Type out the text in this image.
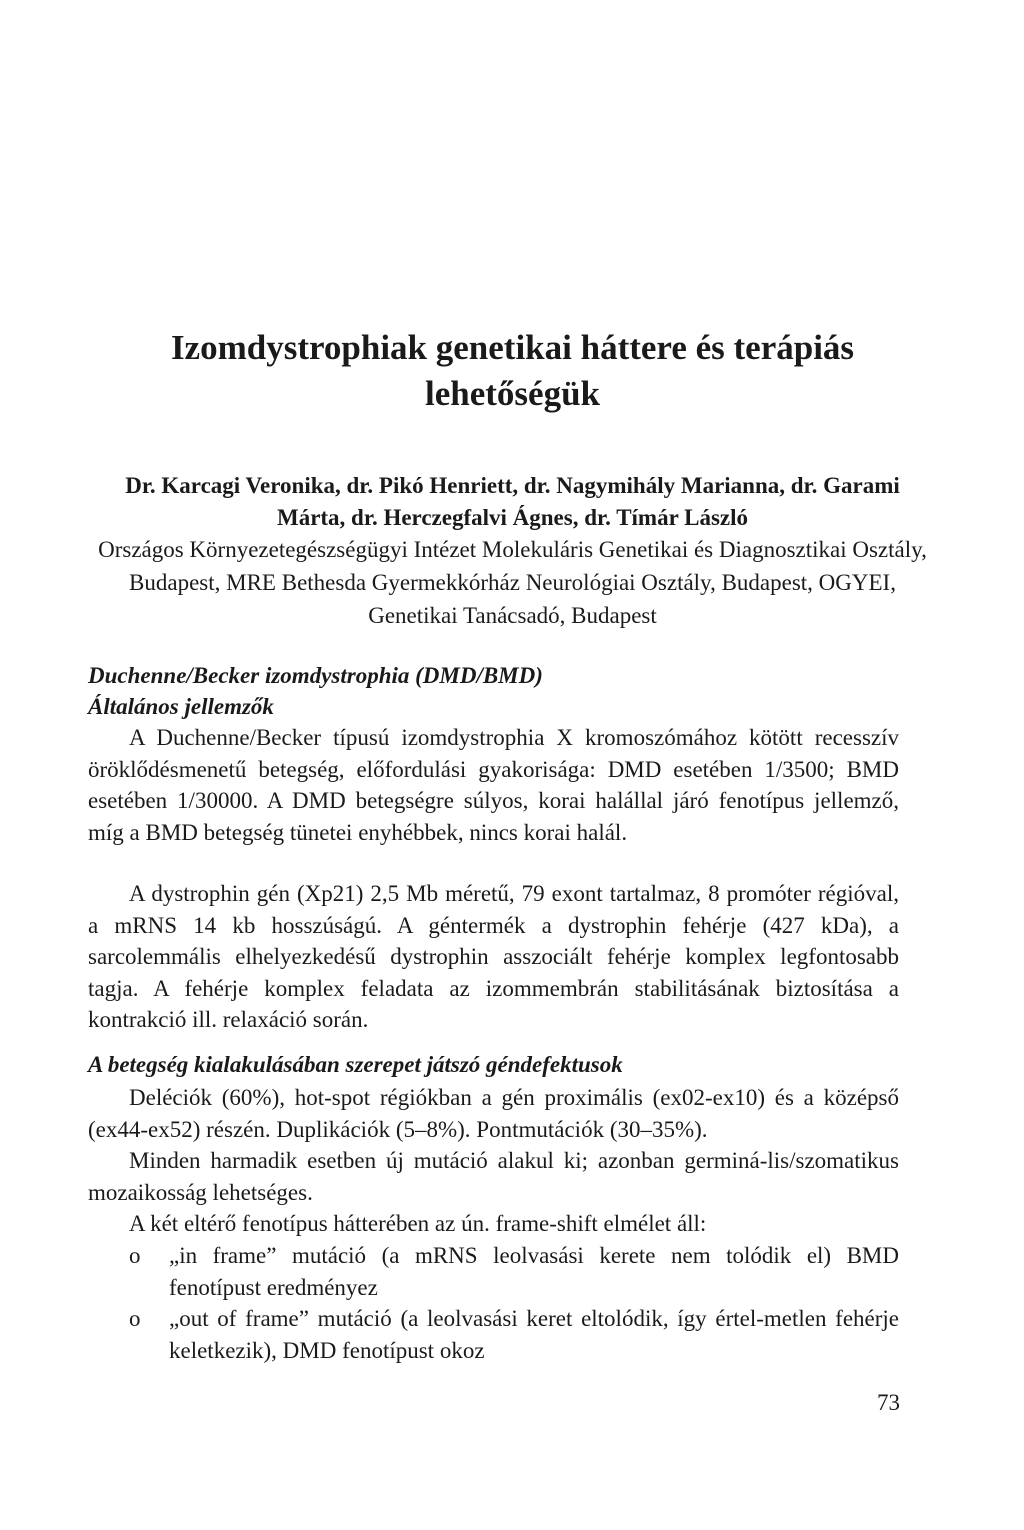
Izomdystrophiak genetikai háttere és terápiás lehetőségük

Dr. Karcagi Veronika, dr. Pikó Henriett, dr. Nagymihály Marianna, dr. Garami Márta, dr. Herczegfalvi Ágnes, dr. Tímár László

Országos Környezetegészségügyi Intézet Molekuláris Genetikai és Diagnosztikai Osztály, Budapest, MRE Bethesda Gyermekkórház Neurológiai Osztály, Budapest, OGYEI, Genetikai Tanácsadó, Budapest

Duchenne/Becker izomdystrophia (DMD/BMD)
Általános jellemzők

A Duchenne/Becker típusú izomdystrophia X kromoszómához kötött recesszív öröklődésmenetű betegség, előfordulási gyakorisága: DMD esetében 1/3500; BMD esetében 1/30000. A DMD betegségre súlyos, korai halállal járó fenotípus jellemző, míg a BMD betegség tünetei enyhébbek, nincs korai halál.

A dystrophin gén (Xp21) 2,5 Mb méretű, 79 exont tartalmaz, 8 promóter régióval, a mRNS 14 kb hosszúságú. A géntermék a dystrophin fehérje (427 kDa), a sarcolemmális elhelyezkedésű dystrophin asszociált fehérje komplex legfontosabb tagja. A fehérje komplex feladata az izommembrán stabilitásának biztosítása a kontrakció ill. relaxáció során.

A betegség kialakulásában szerepet játszó géndefektusok

Deléciók (60%), hot-spot régiókban a gén proximális (ex02-ex10) és a középső (ex44-ex52) részén. Duplikációk (5–8%). Pontmutációk (30–35%).

Minden harmadik esetben új mutáció alakul ki; azonban germiná-lis/szomatikus mozaikosság lehetséges.

A két eltérő fenotípus hátterében az ún. frame-shift elmélet áll:

o „in frame” mutáció (a mRNS leolvasási kerete nem tolódik el) BMD fenotípust eredményez
o „out of frame” mutáció (a leolvasási keret eltolódik, így értel-metlen fehérje keletkezik), DMD fenotípust okoz
73
